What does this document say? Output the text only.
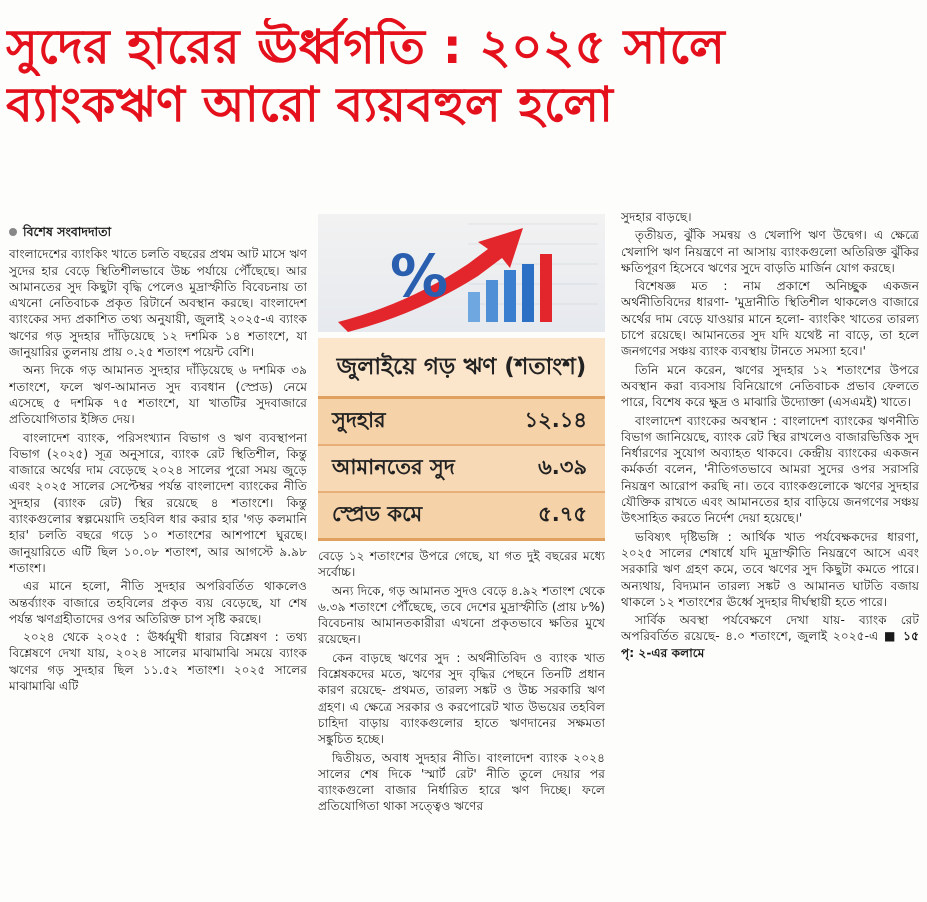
সুদের হারের ঊর্ধ্বগতি : ২০২৫ সালে
ব্যাংকঋণ আরো ব্যয়বহুল হলো
বিশেষ সংবাদদাতা

বাংলাদেশের ব্যাংকিং খাতে চলতি বছরের প্রথম আট মাসে ঋণ সুদের হার বেড়ে স্থিতিশীলভাবে উচ্চ পর্যায়ে পৌঁছেছে। আর আমানতের সুদ কিছুটা বৃদ্ধি পেলেও মুদ্রাস্ফীতি বিবেচনায় তা এখনো নেতিবাচক প্রকৃত রিটার্নে অবস্থান করছে। বাংলাদেশ ব্যাংকের সদ্য প্রকাশিত তথ্য অনুযায়ী, জুলাই ২০২৫-এ ব্যাংক ঋণের গড় সুদহার দাঁড়িয়েছে ১২ দশমিক ১৪ শতাংশে, যা জানুয়ারির তুলনায় প্রায় ০.২৫ শতাংশ পয়েন্ট বেশি।

অন্য দিকে গড় আমানত সুদহার দাঁড়িয়েছে ৬ দশমিক ৩৯ শতাংশে, ফলে ঋণ-আমানত সুদ ব্যবধান (স্প্রেড) নেমে এসেছে ৫ দশমিক ৭৫ শতাংশে, যা খাতটির সুদবাজারে প্রতিযোগিতার ইঙ্গিত দেয়।

বাংলাদেশ ব্যাংক, পরিসংখ্যান বিভাগ ও ঋণ ব্যবস্থাপনা বিভাগ (২০২৫) সূত্র অনুসারে, ব্যাংক রেট স্থিতিশীল, কিন্তু বাজারে অর্থের দাম বেড়েছে ২০২৪ সালের পুরো সময় জুড়ে এবং ২০২৫ সালের সেপ্টেম্বর পর্যন্ত বাংলাদেশ ব্যাংকের নীতি সুদহার (ব্যাংক রেট) স্থির রয়েছে ৪ শতাংশে। কিন্তু ব্যাংকগুলোর স্বল্পমেয়াদি তহবিল ধার করার হার 'গড় কলমানি হার' চলতি বছরে গড়ে ১০ শতাংশের আশপাশে ঘুরছে। জানুয়ারিতে এটি ছিল ১০.০৮ শতাংশ, আর আগস্টে ৯.৯৮ শতাংশ।

এর মানে হলো, নীতি সুদহার অপরিবর্তিত থাকলেও অন্তর্ব্যাংক বাজারে তহবিলের প্রকৃত ব্যয় বেড়েছে, যা শেষ পর্যন্ত ঋণগ্রহীতাদের ওপর অতিরিক্ত চাপ সৃষ্টি করছে।

২০২৪ থেকে ২০২৫ : ঊর্ধ্বমুখী ধারার বিশ্লেষণ : তথ্য বিশ্লেষণে দেখা যায়, ২০২৪ সালের মাঝামাঝি সময়ে ব্যাংক ঋণের গড় সুদহার ছিল ১১.৫২ শতাংশ। ২০২৫ সালের মাঝামাঝি এটি

%
জুলাইয়ে গড় ঋণ (শতাংশ)
সুদহার	১২.১৪
আমানতের সুদ	৬.৩৯
স্প্রেড কমে	৫.৭৫

বেড়ে ১২ শতাংশের উপরে গেছে, যা গত দুই বছরের মধ্যে সর্বোচ্চ।

অন্য দিকে, গড় আমানত সুদও বেড়ে ৪.৯২ শতাংশ থেকে ৬.৩৯ শতাংশে পৌঁছেছে, তবে দেশের মুদ্রাস্ফীতি (প্রায় ৮%) বিবেচনায় আমানতকারীরা এখনো প্রকৃতভাবে ক্ষতির মুখে রয়েছেন।

কেন বাড়ছে ঋণের সুদ : অর্থনীতিবিদ ও ব্যাংক খাত বিশ্লেষকদের মতে, ঋণের সুদ বৃদ্ধির পেছনে তিনটি প্রধান কারণ রয়েছে- প্রথমত, তারল্য সঙ্কট ও উচ্চ সরকারি ঋণ গ্রহণ। এ ক্ষেত্রে সরকার ও করপোরেট খাত উভয়ের তহবিল চাহিদা বাড়ায় ব্যাংকগুলোর হাতে ঋণদানের সক্ষমতা সঙ্কুচিত হচ্ছে।

দ্বিতীয়ত, অবাধ সুদহার নীতি। বাংলাদেশ ব্যাংক ২০২৪ সালের শেষ দিকে 'স্মার্ট রেট' নীতি তুলে দেয়ার পর ব্যাংকগুলো বাজার নির্ধারিত হারে ঋণ দিচ্ছে। ফলে প্রতিযোগিতা থাকা সত্ত্বেও ঋণের

সুদহার বাড়ছে।

তৃতীয়ত, ঝুঁকি সমন্বয় ও খেলাপি ঋণ উদ্বেগ। এ ক্ষেত্রে খেলাপি ঋণ নিয়ন্ত্রণে না আসায় ব্যাংকগুলো অতিরিক্ত ঝুঁকির ক্ষতিপূরণ হিসেবে ঋণের সুদে বাড়তি মার্জিন যোগ করছে।

বিশেষজ্ঞ মত : নাম প্রকাশে অনিচ্ছুক একজন অর্থনীতিবিদের ধারণা- 'মুদ্রানীতি স্থিতিশীল থাকলেও বাজারে অর্থের দাম বেড়ে যাওয়ার মানে হলো- ব্যাংকিং খাতের তারল্য চাপে রয়েছে। আমানতের সুদ যদি যথেষ্ট না বাড়ে, তা হলে জনগণের সঞ্চয় ব্যাংক ব্যবস্থায় টানতে সমস্যা হবে।'

তিনি মনে করেন, ঋণের সুদহার ১২ শতাংশের উপরে অবস্থান করা ব্যবসায় বিনিয়োগে নেতিবাচক প্রভাব ফেলতে পারে, বিশেষ করে ক্ষুদ্র ও মাঝারি উদ্যোক্তা (এসএমই) খাতে।

বাংলাদেশ ব্যাংকের অবস্থান : বাংলাদেশ ব্যাংকের ঋণনীতি বিভাগ জানিয়েছে, ব্যাংক রেট স্থির রাখলেও বাজারভিত্তিক সুদ নির্ধারণের সুযোগ অব্যাহত থাকবে। কেন্দ্রীয় ব্যাংকের একজন কর্মকর্তা বলেন, 'নীতিগতভাবে আমরা সুদের ওপর সরাসরি নিয়ন্ত্রণ আরোপ করছি না। তবে ব্যাংকগুলোকে ঋণের সুদহার যৌক্তিক রাখতে এবং আমানতের হার বাড়িয়ে জনগণের সঞ্চয় উৎসাহিত করতে নির্দেশ দেয়া হয়েছে।'

ভবিষ্যৎ দৃষ্টিভঙ্গি : আর্থিক খাত পর্যবেক্ষকদের ধারণা, ২০২৫ সালের শেষার্ধে যদি মুদ্রাস্ফীতি নিয়ন্ত্রণে আসে এবং সরকারি ঋণ গ্রহণ কমে, তবে ঋণের সুদ কিছুটা কমতে পারে। অন্যথায়, বিদ্যমান তারল্য সঙ্কট ও আমানত ঘাটতি বজায় থাকলে ১২ শতাংশের ঊর্ধ্বে সুদহার দীর্ঘস্থায়ী হতে পারে।

সার্বিক অবস্থা পর্যবেক্ষণে দেখা যায়- ব্যাংক রেট অপরিবর্তিত রয়েছে- ৪.০ শতাংশে, জুলাই ২০২৫-এ ■ ১৫ পৃ: ২-এর কলামে
